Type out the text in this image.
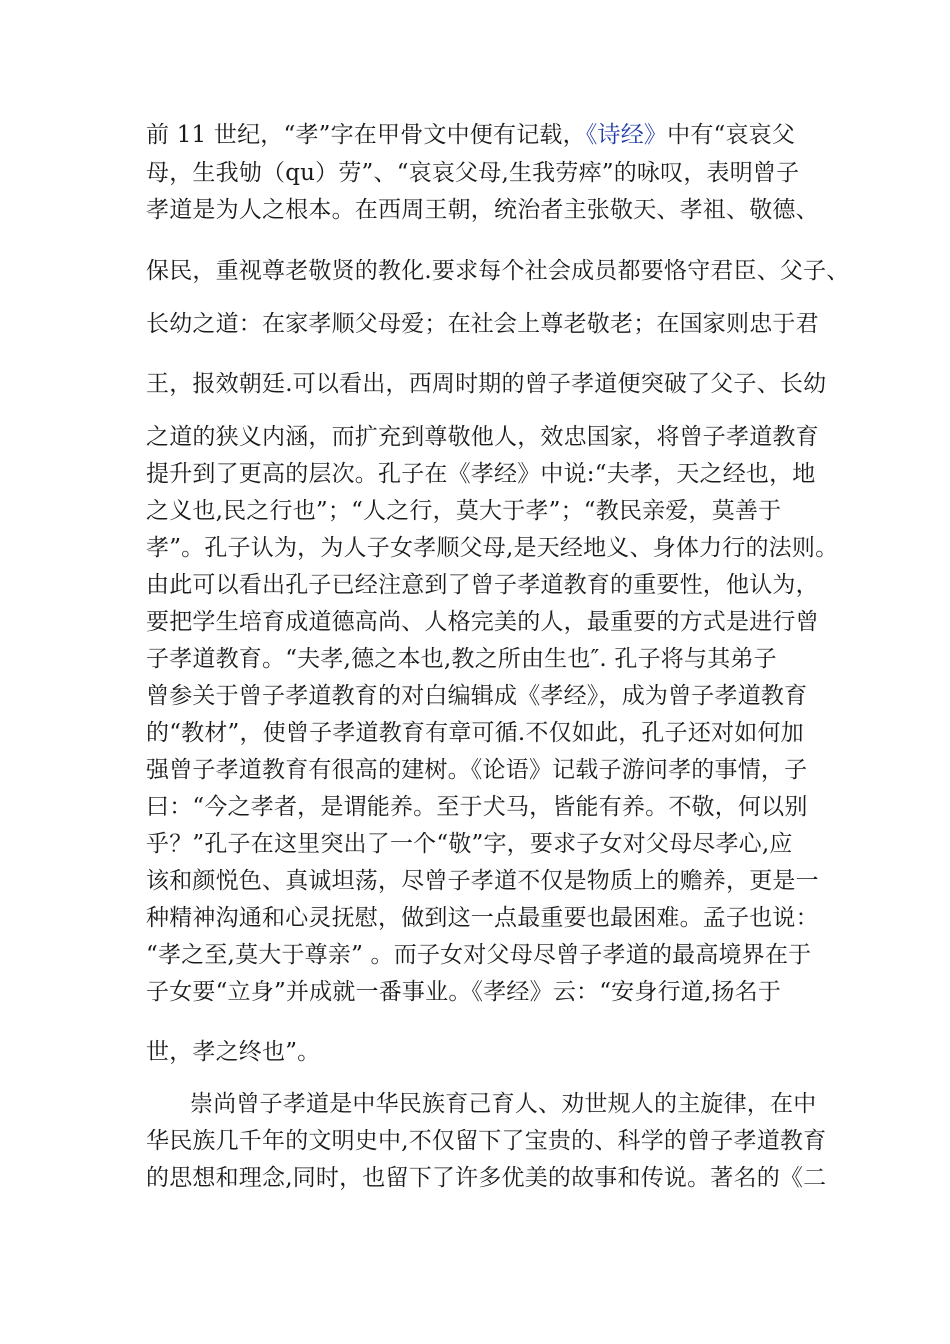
前 11 世纪，“孝”字在甲骨文中便有记载，《诗经》中有“哀哀父
母，生我劬（qu）劳”、“哀哀父母,生我劳瘁”的咏叹，表明曾子
孝道是为人之根本。在西周王朝，统治者主张敬天、孝祖、敬德、
保民，重视尊老敬贤的教化.要求每个社会成员都要恪守君臣、父子、
长幼之道：在家孝顺父母爱；在社会上尊老敬老；在国家则忠于君
王，报效朝廷.可以看出，西周时期的曾子孝道便突破了父子、长幼
之道的狭义内涵，而扩充到尊敬他人，效忠国家，将曾子孝道教育
提升到了更高的层次。孔子在《孝经》中说:“夫孝，天之经也，地
之义也,民之行也”；“人之行，莫大于孝”；“教民亲爱，莫善于
孝”。孔子认为，为人子女孝顺父母,是天经地义、身体力行的法则。
由此可以看出孔子已经注意到了曾子孝道教育的重要性，他认为，
要把学生培育成道德高尚、人格完美的人，最重要的方式是进行曾
子孝道教育。“夫孝,德之本也,教之所由生也″. 孔子将与其弟子
曾参关于曾子孝道教育的对白编辑成《孝经》，成为曾子孝道教育
的“教材”，使曾子孝道教育有章可循.不仅如此，孔子还对如何加
强曾子孝道教育有很高的建树。《论语》记载子游问孝的事情，子
曰：“今之孝者，是谓能养。至于犬马，皆能有养。不敬，何以别
乎？”孔子在这里突出了一个“敬”字，要求子女对父母尽孝心,应
该和颜悦色、真诚坦荡，尽曾子孝道不仅是物质上的赡养，更是一
种精神沟通和心灵抚慰，做到这一点最重要也最困难。孟子也说：
“孝之至,莫大于尊亲” 。而子女对父母尽曾子孝道的最高境界在于
子女要“立身”并成就一番事业。《孝经》云：“安身行道,扬名于
世，孝之终也”。
崇尚曾子孝道是中华民族育己育人、劝世规人的主旋律，在中
华民族几千年的文明史中,不仅留下了宝贵的、科学的曾子孝道教育
的思想和理念,同时，也留下了许多优美的故事和传说。著名的《二
